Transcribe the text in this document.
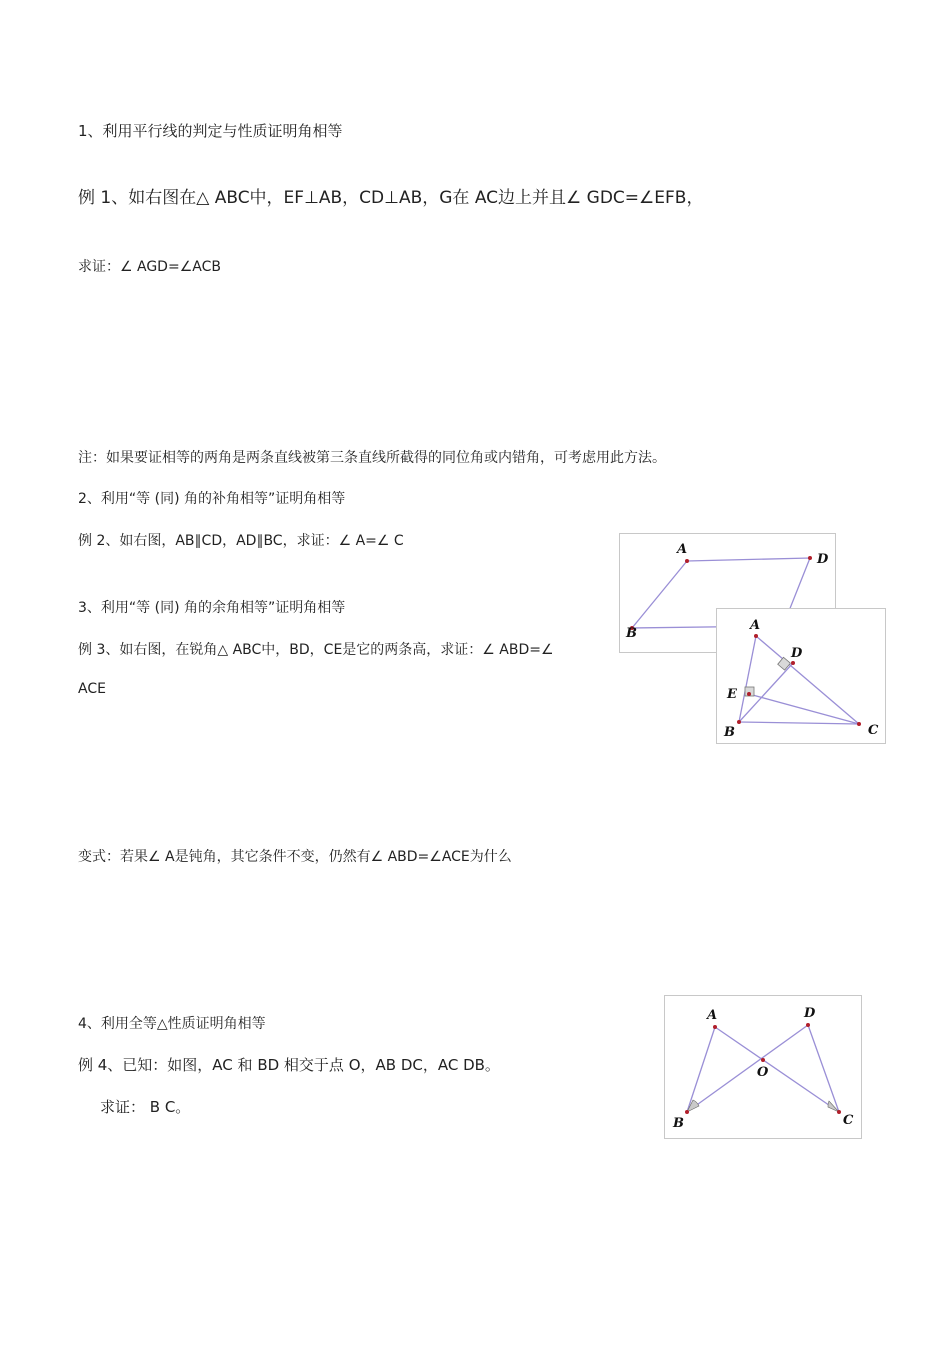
1、利用平行线的判定与性质证明角相等
例 1、如右图在△ ABC中，EF⊥AB，CD⊥AB，G在 AC边上并且∠ GDC=∠EFB，
求证：∠ AGD=∠ACB
注：如果要证相等的两角是两条直线被第三条直线所截得的同位角或内错角，可考虑用此方法。
2、利用“等 (同) 角的补角相等”证明角相等
例 2、如右图，AB∥CD，AD∥BC，求证：∠ A=∠ C
3、利用“等 (同) 角的余角相等”证明角相等
例 3、如右图，在锐角△ ABC中，BD，CE是它的两条高，求证：∠ ABD=∠
ACE
变式：若果∠ A是钝角，其它条件不变，仍然有∠ ABD=∠ACE为什么
4、利用全等△性质证明角相等
例 4、已知：如图，AC 和 BD 相交于点 O，AB DC，AC DB。
求证： B C。
A
D
B
A
D
E
B	C
A	D
O
B	C
